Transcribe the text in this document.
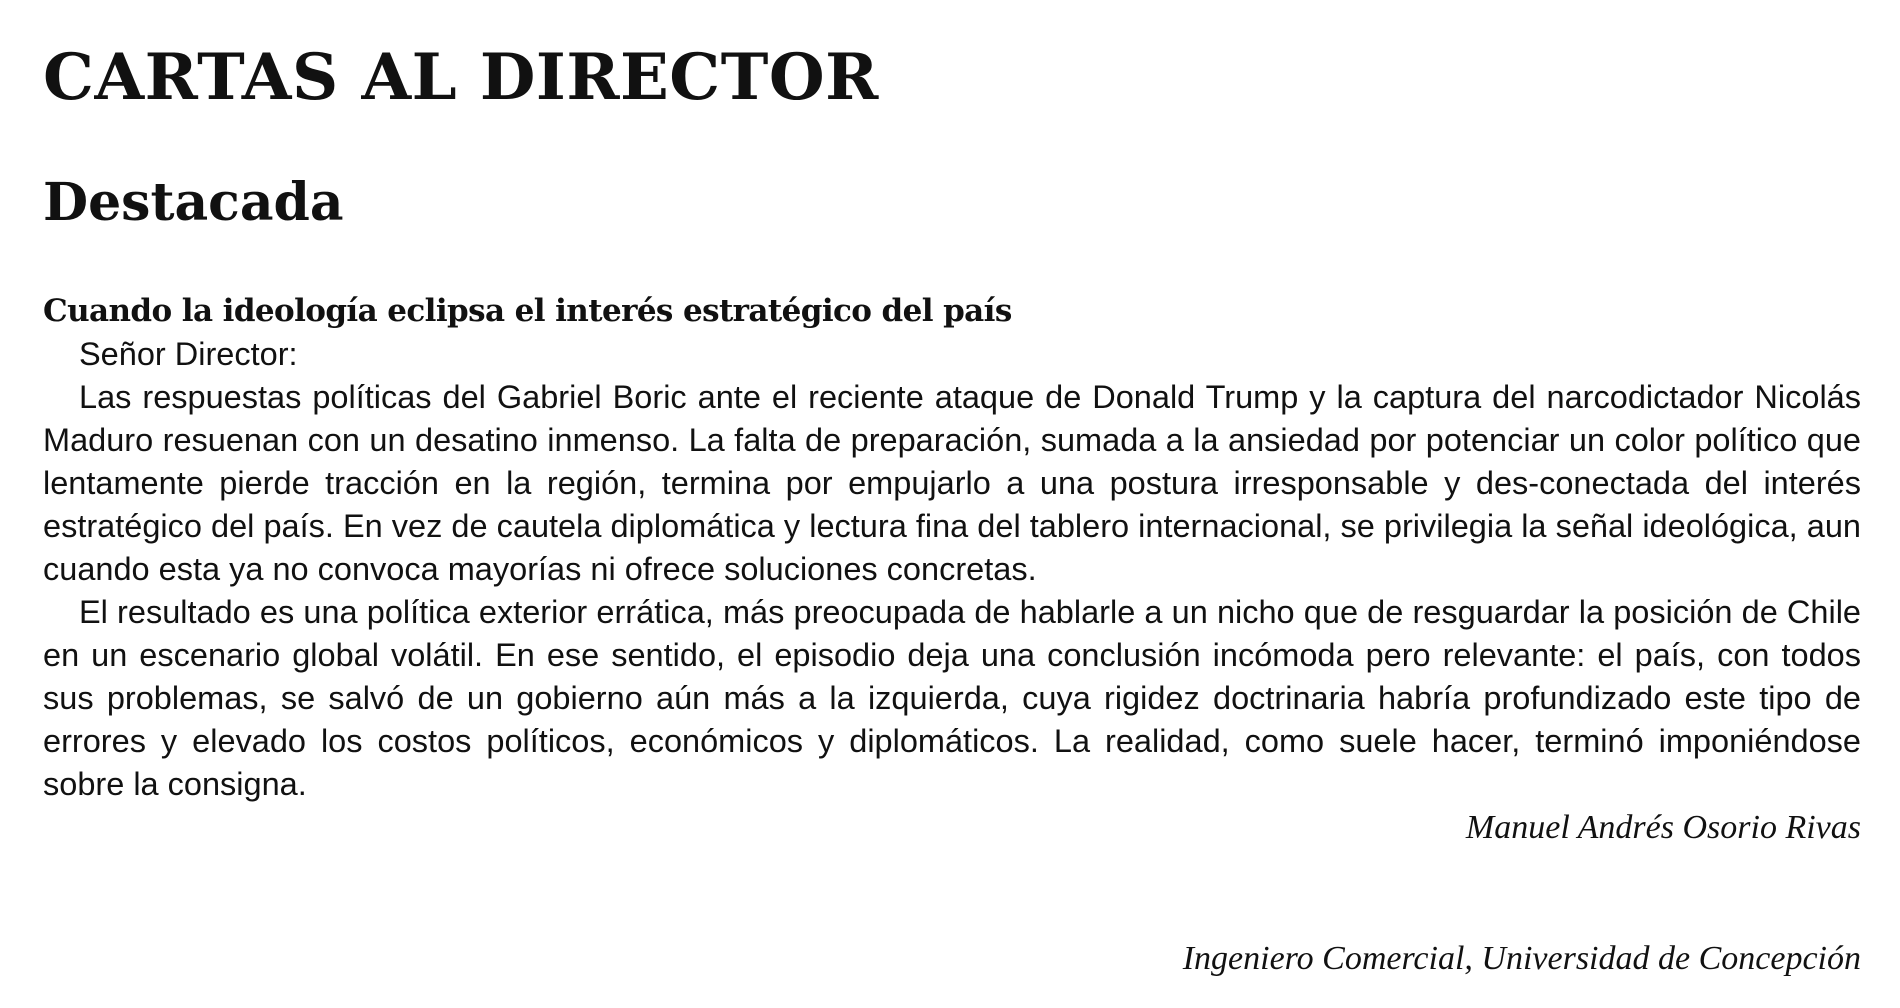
CARTAS AL DIRECTOR
Destacada
Cuando la ideología eclipsa el interés estratégico del país
Señor Director:

Las respuestas políticas del Gabriel Boric ante el reciente ataque de Donald Trump y la captura del narcodictador Nicolás Maduro resuenan con un desatino inmenso. La falta de preparación, sumada a la ansiedad por potenciar un color político que lentamente pierde tracción en la región, termina por empujarlo a una postura irresponsable y des-conectada del interés estratégico del país. En vez de cautela diplomática y lectura fina del tablero internacional, se privilegia la señal ideológica, aun cuando esta ya no convoca mayorías ni ofrece soluciones concretas.

El resultado es una política exterior errática, más preocupada de hablarle a un nicho que de resguardar la posición de Chile en un escenario global volátil. En ese sentido, el episodio deja una conclusión incómoda pero relevante: el país, con todos sus problemas, se salvó de un gobierno aún más a la izquierda, cuya rigidez doctrinaria habría profundizado este tipo de errores y elevado los costos políticos, económicos y diplomáticos. La realidad, como suele hacer, terminó imponiéndose sobre la consigna.

Manuel Andrés Osorio Rivas
Ingeniero Comercial, Universidad de Concepción
